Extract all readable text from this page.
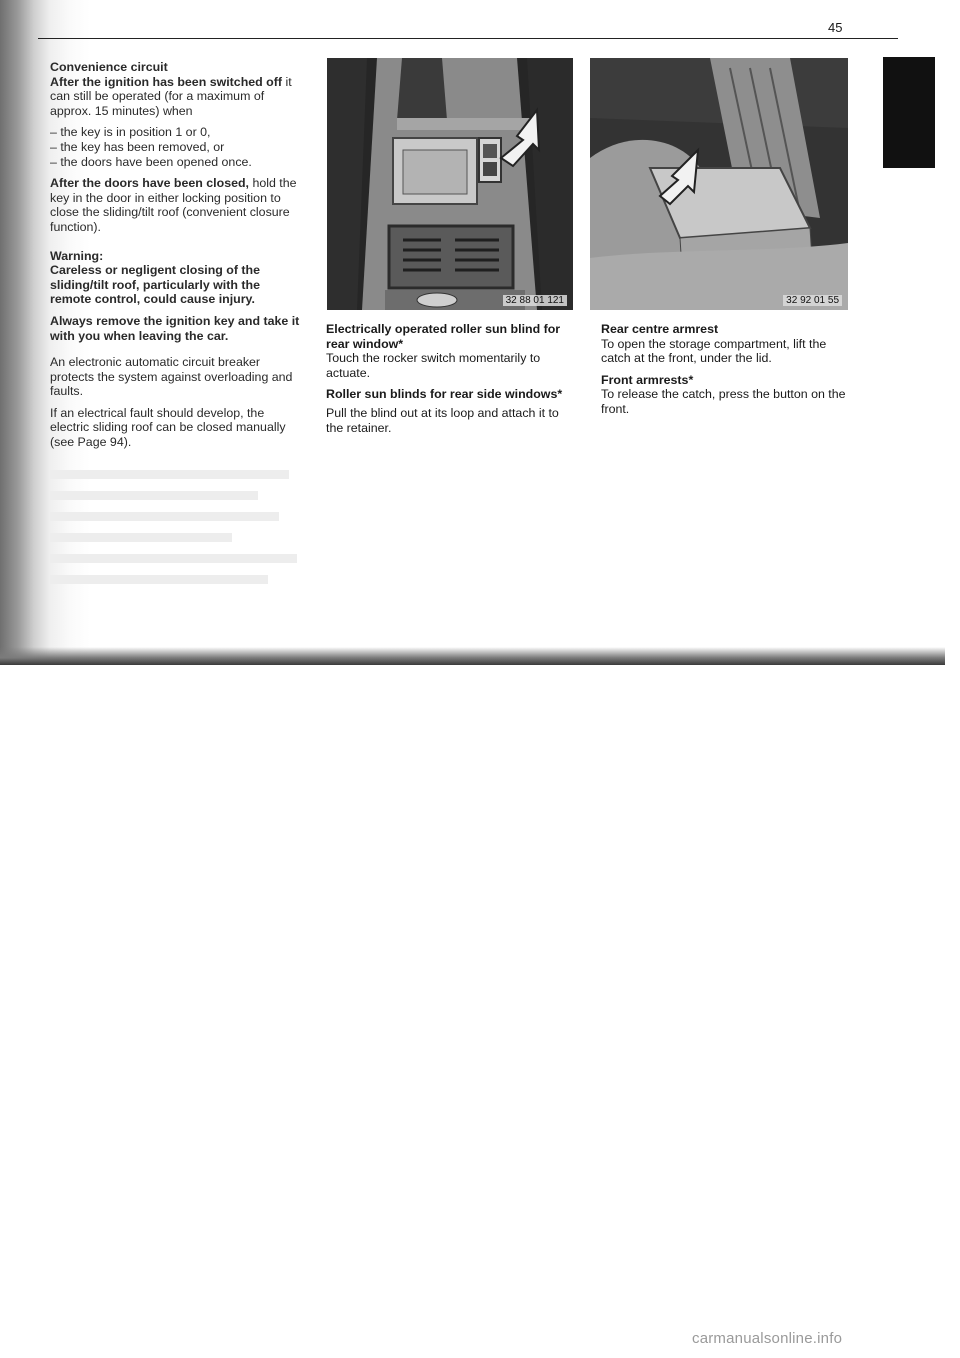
45
Convenience circuit

After the ignition has been switched off it can still be operated (for a maximum of approx. 15 minutes) when

– the key is in position 1 or 0,
– the key has been removed, or
– the doors have been opened once.

After the doors have been closed, hold the key in the door in either locking position to close the sliding/tilt roof (convenient closure function).

Warning:
Careless or negligent closing of the sliding/tilt roof, particularly with the remote control, could cause injury.

Always remove the ignition key and take it with you when leaving the car.

An electronic automatic circuit breaker protects the system against overloading and faults.

If an electrical fault should develop, the electric sliding roof can be closed manually (see Page 94).

32 88 01 121	32 92 01 55
Electrically operated roller sun blind for rear window*

Touch the rocker switch momentarily to actuate.

Roller sun blinds for rear side windows*

Pull the blind out at its loop and attach it to the retainer.

Rear centre armrest

To open the storage compartment, lift the catch at the front, under the lid.

Front armrests*

To release the catch, press the button on the front.

carmanualsonline.info
